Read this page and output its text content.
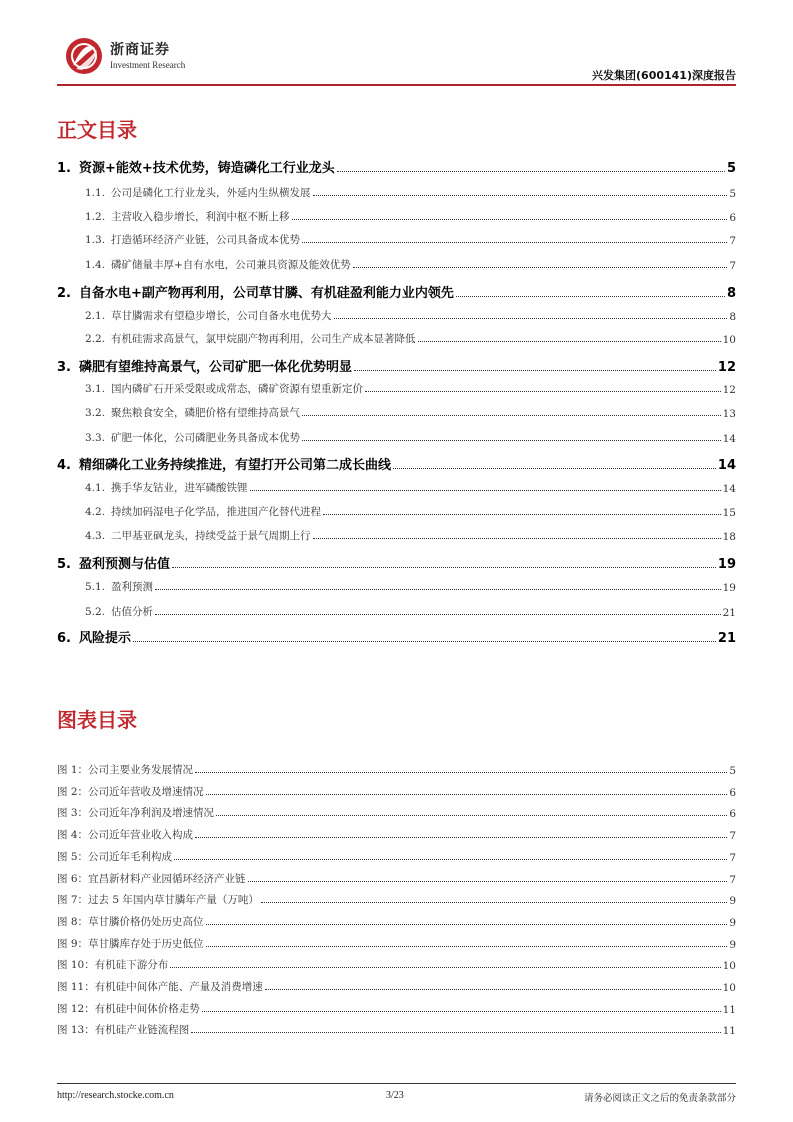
浙商证券
Investment Research
兴发集团(600141)深度报告
正文目录
1. 资源+能效+技术优势，铸造磷化工行业龙头	5
1.1. 公司是磷化工行业龙头，外延内生纵横发展	5
1.2. 主营收入稳步增长，利润中枢不断上移	6
1.3. 打造循环经济产业链，公司具备成本优势	7
1.4. 磷矿储量丰厚+自有水电，公司兼具资源及能效优势	7
2. 自备水电+副产物再利用，公司草甘膦、有机硅盈利能力业内领先	8
2.1. 草甘膦需求有望稳步增长，公司自备水电优势大	8
2.2. 有机硅需求高景气，氯甲烷副产物再利用，公司生产成本显著降低	10
3. 磷肥有望维持高景气，公司矿肥一体化优势明显	12
3.1. 国内磷矿石开采受限或成常态，磷矿资源有望重新定价	12
3.2. 聚焦粮食安全，磷肥价格有望维持高景气	13
3.3. 矿肥一体化，公司磷肥业务具备成本优势	14
4. 精细磷化工业务持续推进，有望打开公司第二成长曲线	14
4.1. 携手华友钴业，进军磷酸铁锂	14
4.2. 持续加码湿电子化学品，推进国产化替代进程	15
4.3. 二甲基亚砜龙头，持续受益于景气周期上行	18
5. 盈利预测与估值	19
5.1. 盈利预测	19
5.2. 估值分析	21
6. 风险提示	21
图表目录
图 1：公司主要业务发展情况	5
图 2：公司近年营收及增速情况	6
图 3：公司近年净利润及增速情况	6
图 4：公司近年营业收入构成	7
图 5：公司近年毛利构成	7
图 6：宜昌新材料产业园循环经济产业链	7
图 7：过去 5 年国内草甘膦年产量（万吨）	9
图 8：草甘膦价格仍处历史高位	9
图 9：草甘膦库存处于历史低位	9
图 10：有机硅下游分布	10
图 11：有机硅中间体产能、产量及消费增速	10
图 12：有机硅中间体价格走势	11
图 13：有机硅产业链流程图	11
http://research.stocke.com.cn	3/23	请务必阅读正文之后的免责条款部分
